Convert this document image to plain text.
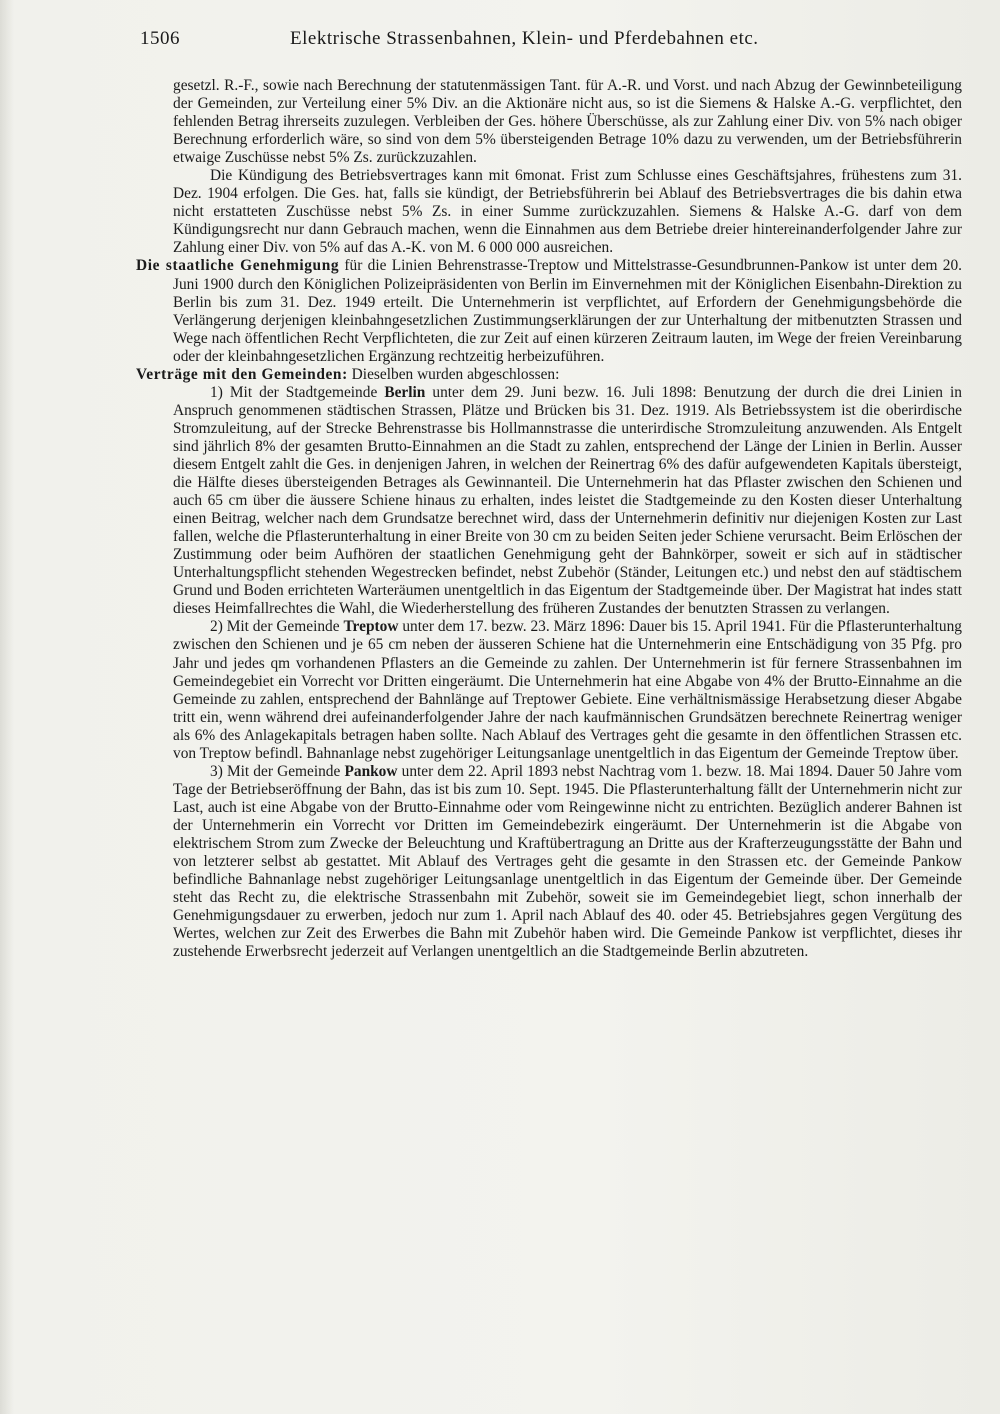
1506	Elektrische Strassenbahnen, Klein- und Pferdebahnen etc.

gesetzl. R.-F., sowie nach Berechnung der statutenmässigen Tant. für A.-R. und Vorst. und nach Abzug der Gewinnbeteiligung der Gemeinden, zur Verteilung einer 5% Div. an die Aktionäre nicht aus, so ist die Siemens & Halske A.-G. verpflichtet, den fehlenden Betrag ihrerseits zuzulegen. Verbleiben der Ges. höhere Überschüsse, als zur Zahlung einer Div. von 5% nach obiger Berechnung erforderlich wäre, so sind von dem 5% übersteigenden Betrage 10% dazu zu verwenden, um der Betriebsführerin etwaige Zuschüsse nebst 5% Zs. zurückzuzahlen.

Die Kündigung des Betriebsvertrages kann mit 6monat. Frist zum Schlusse eines Geschäftsjahres, frühestens zum 31. Dez. 1904 erfolgen. Die Ges. hat, falls sie kündigt, der Betriebsführerin bei Ablauf des Betriebsvertrages die bis dahin etwa nicht erstatteten Zuschüsse nebst 5% Zs. in einer Summe zurückzuzahlen. Siemens & Halske A.-G. darf von dem Kündigungsrecht nur dann Gebrauch machen, wenn die Einnahmen aus dem Betriebe dreier hintereinanderfolgender Jahre zur Zahlung einer Div. von 5% auf das A.-K. von M. 6 000 000 ausreichen.

Die staatliche Genehmigung für die Linien Behrenstrasse-Treptow und Mittelstrasse-Gesundbrunnen-Pankow ist unter dem 20. Juni 1900 durch den Königlichen Polizeipräsidenten von Berlin im Einvernehmen mit der Königlichen Eisenbahn-Direktion zu Berlin bis zum 31. Dez. 1949 erteilt. Die Unternehmerin ist verpflichtet, auf Erfordern der Genehmigungsbehörde die Verlängerung derjenigen kleinbahngesetzlichen Zustimmungserklärungen der zur Unterhaltung der mitbenutzten Strassen und Wege nach öffentlichen Recht Verpflichteten, die zur Zeit auf einen kürzeren Zeitraum lauten, im Wege der freien Vereinbarung oder der kleinbahngesetzlichen Ergänzung rechtzeitig herbeizuführen.

Verträge mit den Gemeinden: Dieselben wurden abgeschlossen:

1) Mit der Stadtgemeinde Berlin unter dem 29. Juni bezw. 16. Juli 1898: Benutzung der durch die drei Linien in Anspruch genommenen städtischen Strassen, Plätze und Brücken bis 31. Dez. 1919. Als Betriebssystem ist die oberirdische Stromzuleitung, auf der Strecke Behrenstrasse bis Hollmannstrasse die unterirdische Stromzuleitung anzuwenden. Als Entgelt sind jährlich 8% der gesamten Brutto-Einnahmen an die Stadt zu zahlen, entsprechend der Länge der Linien in Berlin. Ausser diesem Entgelt zahlt die Ges. in denjenigen Jahren, in welchen der Reinertrag 6% des dafür aufgewendeten Kapitals übersteigt, die Hälfte dieses übersteigenden Betrages als Gewinnanteil. Die Unternehmerin hat das Pflaster zwischen den Schienen und auch 65 cm über die äussere Schiene hinaus zu erhalten, indes leistet die Stadtgemeinde zu den Kosten dieser Unterhaltung einen Beitrag, welcher nach dem Grundsatze berechnet wird, dass der Unternehmerin definitiv nur diejenigen Kosten zur Last fallen, welche die Pflasterunterhaltung in einer Breite von 30 cm zu beiden Seiten jeder Schiene verursacht. Beim Erlöschen der Zustimmung oder beim Aufhören der staatlichen Genehmigung geht der Bahnkörper, soweit er sich auf in städtischer Unterhaltungspflicht stehenden Wegestrecken befindet, nebst Zubehör (Ständer, Leitungen etc.) und nebst den auf städtischem Grund und Boden errichteten Warteräumen unentgeltlich in das Eigentum der Stadtgemeinde über. Der Magistrat hat indes statt dieses Heimfallrechtes die Wahl, die Wiederherstellung des früheren Zustandes der benutzten Strassen zu verlangen.

2) Mit der Gemeinde Treptow unter dem 17. bezw. 23. März 1896: Dauer bis 15. April 1941. Für die Pflasterunterhaltung zwischen den Schienen und je 65 cm neben der äusseren Schiene hat die Unternehmerin eine Entschädigung von 35 Pfg. pro Jahr und jedes qm vorhandenen Pflasters an die Gemeinde zu zahlen. Der Unternehmerin ist für fernere Strassenbahnen im Gemeindegebiet ein Vorrecht vor Dritten eingeräumt. Die Unternehmerin hat eine Abgabe von 4% der Brutto-Einnahme an die Gemeinde zu zahlen, entsprechend der Bahnlänge auf Treptower Gebiete. Eine verhältnismässige Herabsetzung dieser Abgabe tritt ein, wenn während drei aufeinanderfolgender Jahre der nach kaufmännischen Grundsätzen berechnete Reinertrag weniger als 6% des Anlagekapitals betragen haben sollte. Nach Ablauf des Vertrages geht die gesamte in den öffentlichen Strassen etc. von Treptow befindl. Bahnanlage nebst zugehöriger Leitungsanlage unentgeltlich in das Eigentum der Gemeinde Treptow über.

3) Mit der Gemeinde Pankow unter dem 22. April 1893 nebst Nachtrag vom 1. bezw. 18. Mai 1894. Dauer 50 Jahre vom Tage der Betriebseröffnung der Bahn, das ist bis zum 10. Sept. 1945. Die Pflasterunterhaltung fällt der Unternehmerin nicht zur Last, auch ist eine Abgabe von der Brutto-Einnahme oder vom Reingewinne nicht zu entrichten. Bezüglich anderer Bahnen ist der Unternehmerin ein Vorrecht vor Dritten im Gemeindebezirk eingeräumt. Der Unternehmerin ist die Abgabe von elektrischem Strom zum Zwecke der Beleuchtung und Kraftübertragung an Dritte aus der Krafterzeugungsstätte der Bahn und von letzterer selbst ab gestattet. Mit Ablauf des Vertrages geht die gesamte in den Strassen etc. der Gemeinde Pankow befindliche Bahnanlage nebst zugehöriger Leitungsanlage unentgeltlich in das Eigentum der Gemeinde über. Der Gemeinde steht das Recht zu, die elektrische Strassenbahn mit Zubehör, soweit sie im Gemeindegebiet liegt, schon innerhalb der Genehmigungsdauer zu erwerben, jedoch nur zum 1. April nach Ablauf des 40. oder 45. Betriebsjahres gegen Vergütung des Wertes, welchen zur Zeit des Erwerbes die Bahn mit Zubehör haben wird. Die Gemeinde Pankow ist verpflichtet, dieses ihr zustehende Erwerbsrecht jederzeit auf Verlangen unentgeltlich an die Stadtgemeinde Berlin abzutreten.
